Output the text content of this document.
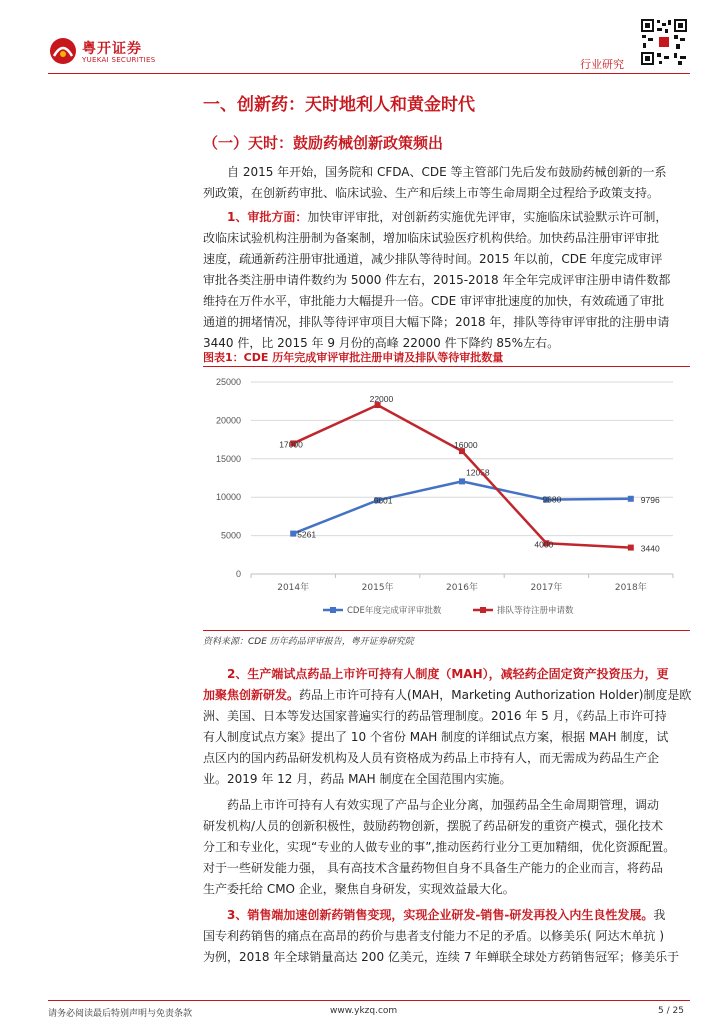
粤开证券
YUEKAI SECURITIES	行业研究
一、创新药：天时地利人和黄金时代
（一）天时：鼓励药械创新政策频出
自 2015 年开始，国务院和 CFDA、CDE 等主管部门先后发布鼓励药械创新的一系
列政策，在创新药审批、临床试验、生产和后续上市等生命周期全过程给予政策支持。
1、审批方面：加快审评审批，对创新药实施优先评审，实施临床试验默示许可制，
改临床试验机构注册制为备案制，增加临床试验医疗机构供给。加快药品注册审评审批
速度，疏通新药注册审批通道，减少排队等待时间。2015 年以前，CDE 年度完成审评
审批各类注册申请件数约为 5000 件左右，2015-2018 年全年完成评审注册申请件数都
维持在万件水平，审批能力大幅提升一倍。CDE 审评审批速度的加快，有效疏通了审批
通道的拥堵情况，排队等待评审项目大幅下降；2018 年，排队等待审评审批的注册申请
3440 件，比 2015 年 9 月份的高峰 22000 件下降约 85%左右。
图表1：CDE 历年完成审评审批注册申请及排队等待审批数量
0
5000
10000
15000
20000
25000
2014年	2015年	2016年	2017年	2018年
5261
9601
12058
9680	9796
17000
22000
16000
4000	3440
CDE年度完成审评审批数	排队等待注册申请数
资料来源：CDE 历年药品评审报告，粤开证券研究院
2、生产端试点药品上市许可持有人制度（MAH），减轻药企固定资产投资压力，更
加聚焦创新研发。药品上市许可持有人(MAH，Marketing Authorization Holder)制度是欧
洲、美国、日本等发达国家普遍实行的药品管理制度。2016 年 5 月，《药品上市许可持
有人制度试点方案》提出了 10 个省份 MAH 制度的详细试点方案，根据 MAH 制度，试
点区内的国内药品研发机构及人员有资格成为药品上市持有人，而无需成为药品生产企
业。2019 年 12 月，药品 MAH 制度在全国范围内实施。
药品上市许可持有人有效实现了产品与企业分离，加强药品全生命周期管理，调动
研发机构/人员的创新积极性，鼓励药物创新，摆脱了药品研发的重资产模式，强化技术
分工和专业化，实现“专业的人做专业的事”,推动医药行业分工更加精细，优化资源配置。
对于一些研发能力强， 具有高技术含量药物但自身不具备生产能力的企业而言，将药品
生产委托给 CMO 企业，聚焦自身研发，实现效益最大化。
3、销售端加速创新药销售变现，实现企业研发-销售-研发再投入内生良性发展。我
国专利药销售的痛点在高昂的药价与患者支付能力不足的矛盾。以修美乐( 阿达木单抗 )
为例，2018 年全球销量高达 200 亿美元，连续 7 年蝉联全球处方药销售冠军；修美乐于
请务必阅读最后特别声明与免责条款	www.ykzq.com	5 / 25
